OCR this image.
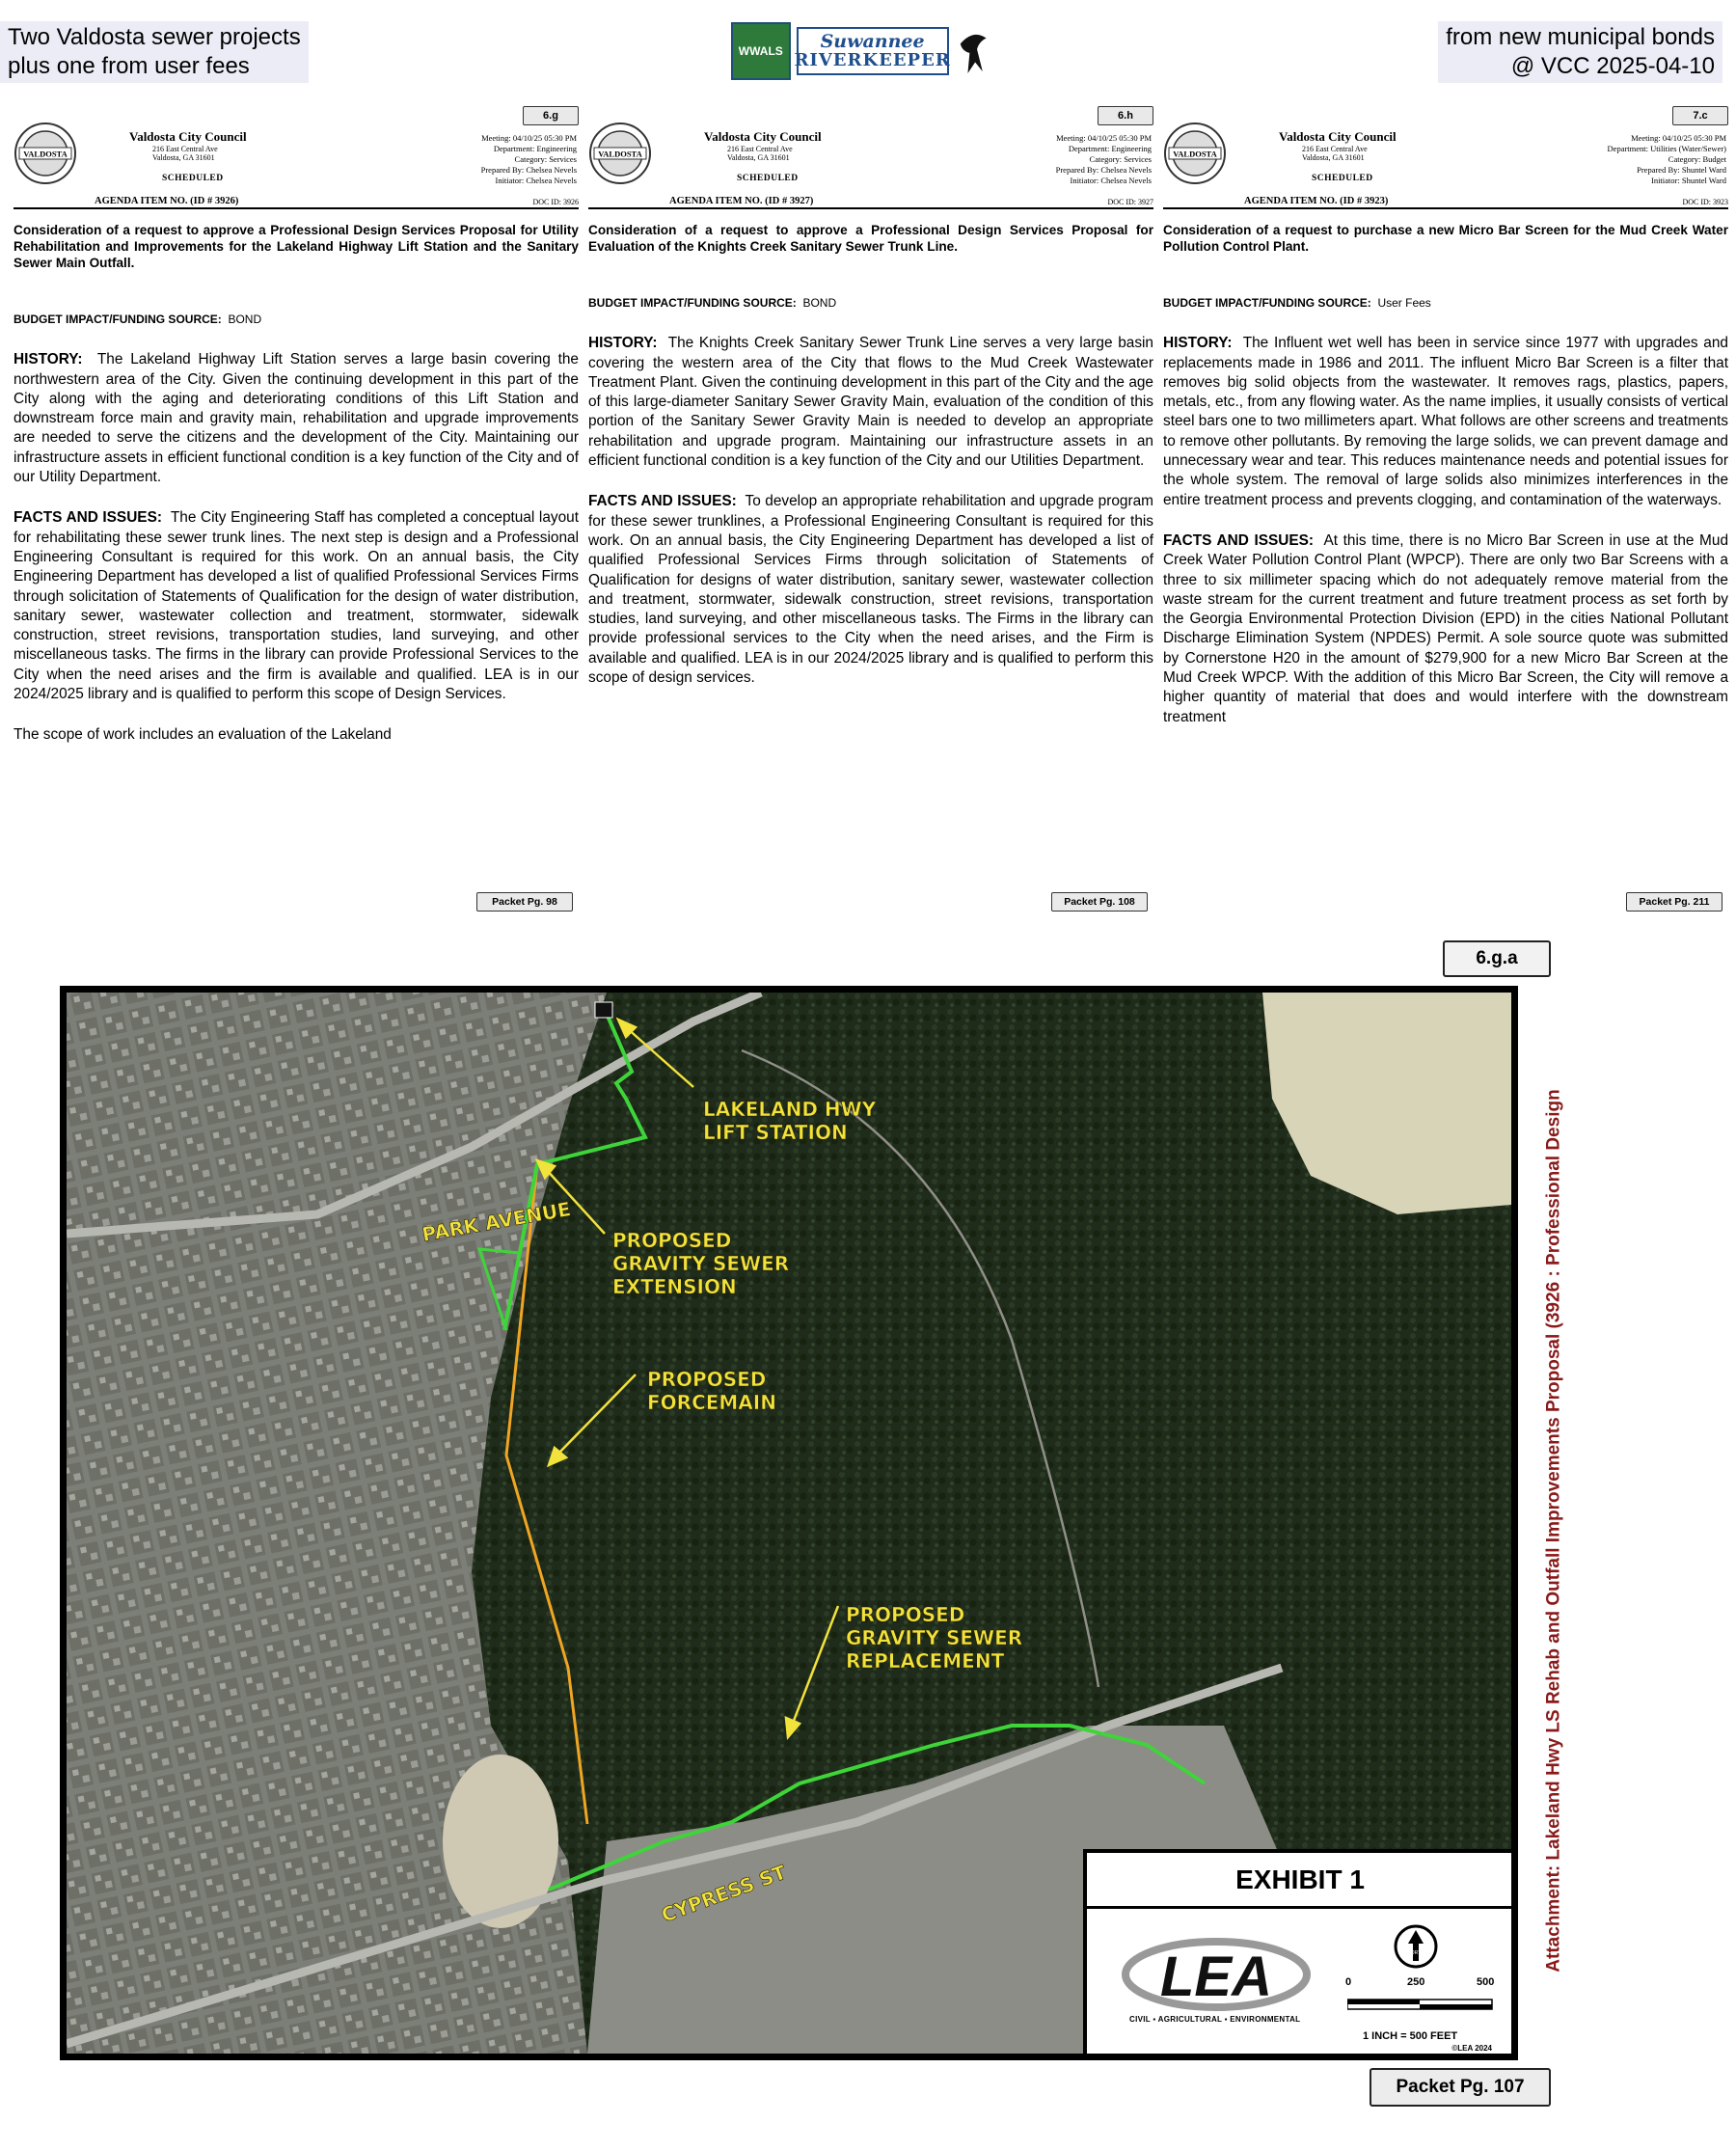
Two Valdosta sewer projects
plus one from user fees
WWALS	Suwannee
RIVERKEEPER
from new municipal bonds
@ VCC 2025-04-10
6.g
VALDOSTA
Valdosta City Council
216 East Central Ave
Valdosta, GA 31601
SCHEDULED
Meeting: 04/10/25 05:30 PM
Department: Engineering
Category: Services
Prepared By: Chelsea Nevels
Initiator: Chelsea Nevels
AGENDA ITEM NO. (ID # 3926)	DOC ID: 3926
Consideration of a request to approve a Professional Design Services Proposal for Utility Rehabilitation and Improvements for the Lakeland Highway Lift Station and the Sanitary Sewer Main Outfall.
BUDGET IMPACT/FUNDING SOURCE: BOND
HISTORY: The Lakeland Highway Lift Station serves a large basin covering the northwestern area of the City. Given the continuing development in this part of the City along with the aging and deteriorating conditions of this Lift Station and downstream force main and gravity main, rehabilitation and upgrade improvements are needed to serve the citizens and the development of the City. Maintaining our infrastructure assets in efficient functional condition is a key function of the City and of our Utility Department.
FACTS AND ISSUES: The City Engineering Staff has completed a conceptual layout for rehabilitating these sewer trunk lines. The next step is design and a Professional Engineering Consultant is required for this work. On an annual basis, the City Engineering Department has developed a list of qualified Professional Services Firms through solicitation of Statements of Qualification for the design of water distribution, sanitary sewer, wastewater collection and treatment, stormwater, sidewalk construction, street revisions, transportation studies, land surveying, and other miscellaneous tasks. The firms in the library can provide Professional Services to the City when the need arises and the firm is available and qualified. LEA is in our 2024/2025 library and is qualified to perform this scope of Design Services.
The scope of work includes an evaluation of the Lakeland
Packet Pg. 98
6.h
VALDOSTA
Valdosta City Council
216 East Central Ave
Valdosta, GA 31601
SCHEDULED
Meeting: 04/10/25 05:30 PM
Department: Engineering
Category: Services
Prepared By: Chelsea Nevels
Initiator: Chelsea Nevels
AGENDA ITEM NO. (ID # 3927)	DOC ID: 3927
Consideration of a request to approve a Professional Design Services Proposal for Evaluation of the Knights Creek Sanitary Sewer Trunk Line.
BUDGET IMPACT/FUNDING SOURCE: BOND
HISTORY: The Knights Creek Sanitary Sewer Trunk Line serves a very large basin covering the western area of the City that flows to the Mud Creek Wastewater Treatment Plant. Given the continuing development in this part of the City and the age of this large-diameter Sanitary Sewer Gravity Main, evaluation of the condition of this portion of the Sanitary Sewer Gravity Main is needed to develop an appropriate rehabilitation and upgrade program. Maintaining our infrastructure assets in an efficient functional condition is a key function of the City and our Utilities Department.
FACTS AND ISSUES: To develop an appropriate rehabilitation and upgrade program for these sewer trunklines, a Professional Engineering Consultant is required for this work. On an annual basis, the City Engineering Department has developed a list of qualified Professional Services Firms through solicitation of Statements of Qualification for designs of water distribution, sanitary sewer, wastewater collection and treatment, stormwater, sidewalk construction, street revisions, transportation studies, land surveying, and other miscellaneous tasks. The Firms in the library can provide professional services to the City when the need arises, and the Firm is available and qualified. LEA is in our 2024/2025 library and is qualified to perform this scope of design services.
Packet Pg. 108
7.c
VALDOSTA
Valdosta City Council
216 East Central Ave
Valdosta, GA 31601
SCHEDULED
Meeting: 04/10/25 05:30 PM
Department: Utilities (Water/Sewer)
Category: Budget
Prepared By: Shuntel Ward
Initiator: Shuntel Ward
AGENDA ITEM NO. (ID # 3923)	DOC ID: 3923
Consideration of a request to purchase a new Micro Bar Screen for the Mud Creek Water Pollution Control Plant.
BUDGET IMPACT/FUNDING SOURCE: User Fees
HISTORY: The Influent wet well has been in service since 1977 with upgrades and replacements made in 1986 and 2011. The influent Micro Bar Screen is a filter that removes big solid objects from the wastewater. It removes rags, plastics, papers, metals, etc., from any flowing water. As the name implies, it usually consists of vertical steel bars one to two millimeters apart. What follows are other screens and treatments to remove other pollutants. By removing the large solids, we can prevent damage and unnecessary wear and tear. This reduces maintenance needs and potential issues for the whole system. The removal of large solids also minimizes interferences in the entire treatment process and prevents clogging, and contamination of the waterways.
FACTS AND ISSUES: At this time, there is no Micro Bar Screen in use at the Mud Creek Water Pollution Control Plant (WPCP). There are only two Bar Screens with a three to six millimeter spacing which do not adequately remove material from the waste stream for the current treatment and future treatment process as set forth by the Georgia Environmental Protection Division (EPD) in the cities National Pollutant Discharge Elimination System (NPDES) Permit. A sole source quote was submitted by Cornerstone H20 in the amount of $279,900 for a new Micro Bar Screen at the Mud Creek WPCP. With the addition of this Micro Bar Screen, the City will remove a higher quantity of material that does and would interfere with the downstream treatment
Packet Pg. 211
6.g.a
LAKELAND HWY
LIFT STATION
PARK AVENUE PROPOSED
GRAVITY SEWER
EXTENSION
PROPOSED
FORCEMAIN
PROPOSED
GRAVITY SEWER
REPLACEMENT
CYPRESS ST	EXHIBIT 1
LEA
CIVIL ▪ AGRICULTURAL ▪ ENVIRONMENTAL
NORTH
0	250	500
1 INCH = 500 FEET
©LEA 2024
Attachment: Lakeland Hwy LS Rehab and Outfall Improvements Proposal (3926 : Professional Design
Packet Pg. 107
